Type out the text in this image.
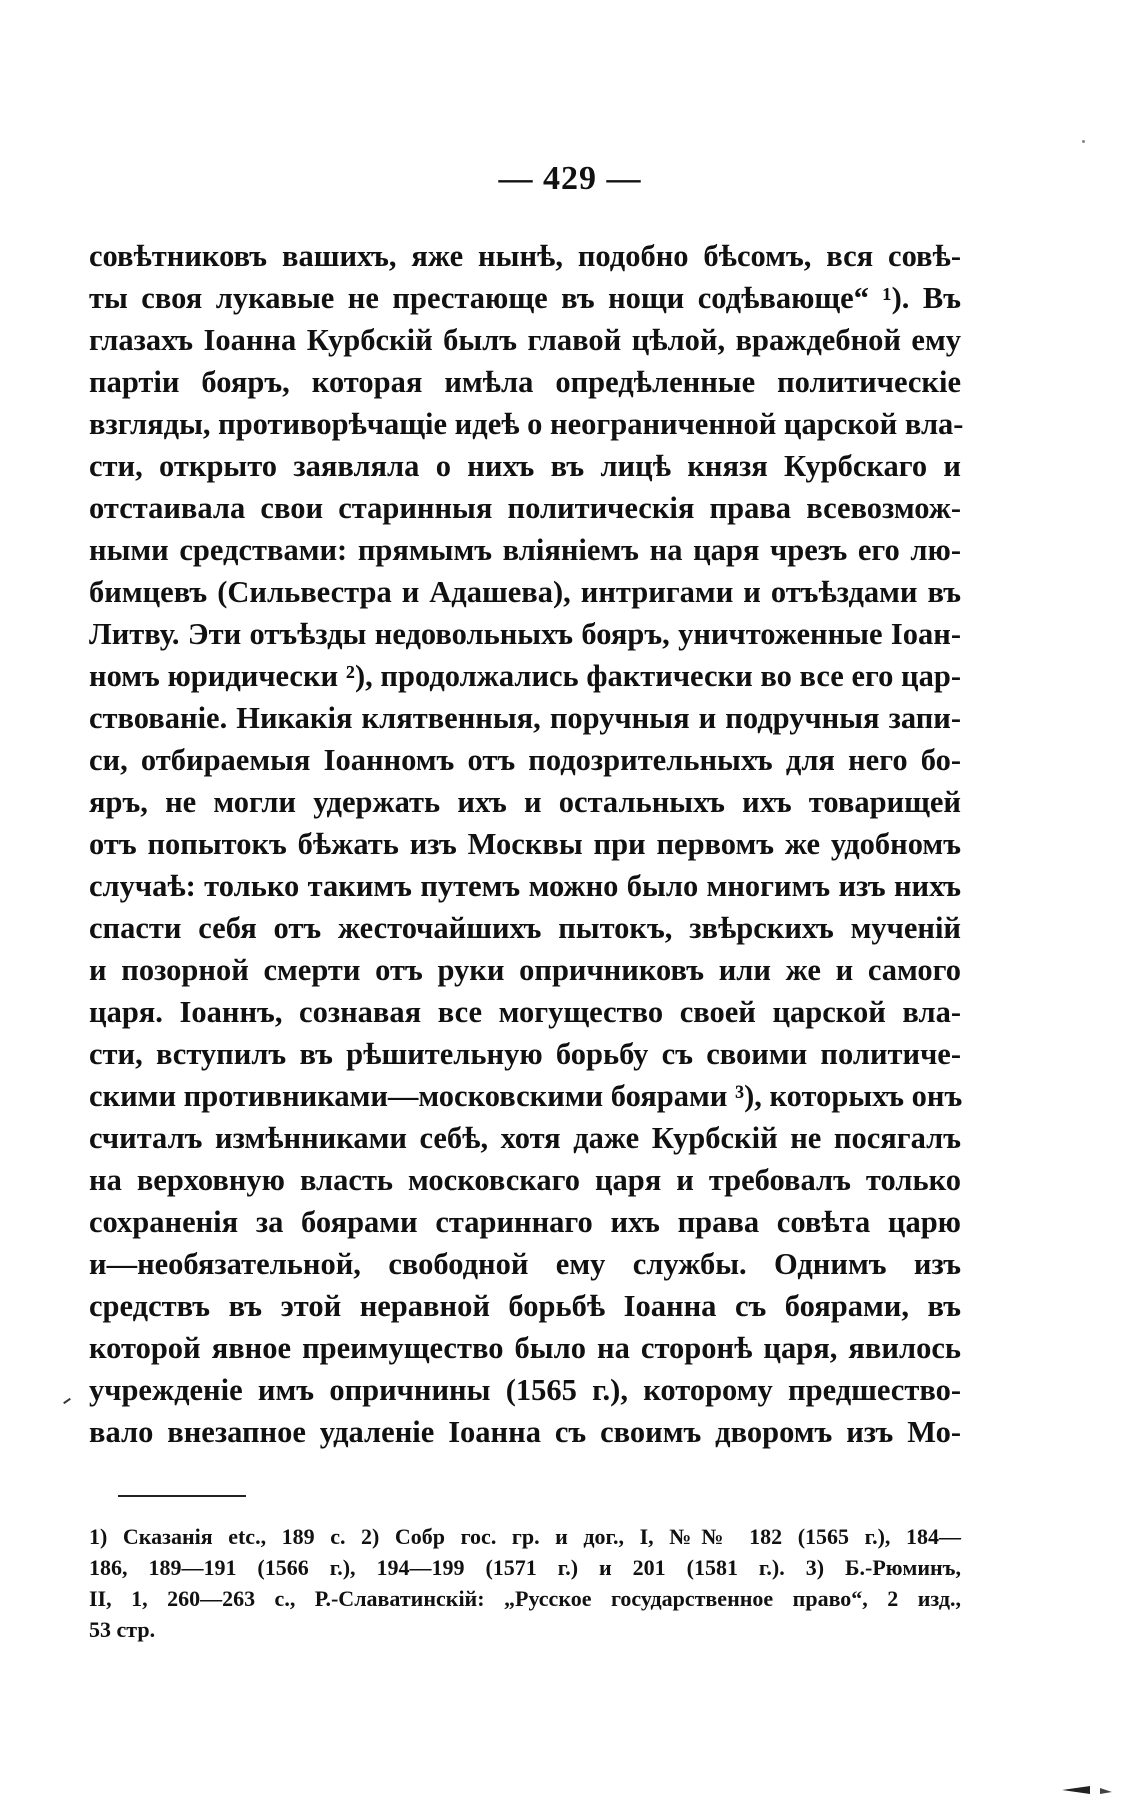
— 429 —
совѣтниковъ вашихъ, яже нынѣ, подобно бѣсомъ, вся совѣ-
ты своя лукавые не престающе въ нощи содѣвающе“ ¹). Въ
глазахъ Іоанна Курбскій былъ главой цѣлой, враждебной ему
партіи бояръ, которая имѣла опредѣленные политическіе
взгляды, противорѣчащіе идеѣ о неограниченной царской вла-
сти, открыто заявляла о нихъ въ лицѣ князя Курбскаго и
отстаивала свои старинныя политическія права всевозмож-
ными средствами: прямымъ вліяніемъ на царя чрезъ его лю-
бимцевъ (Сильвестра и Адашева), интригами и отъѣздами въ
Литву. Эти отъѣзды недовольныхъ бояръ, уничтоженные Іоан-
номъ юридически ²), продолжались фактически во все его цар-
ствованіе. Никакія клятвенныя, поручныя и подручныя запи-
си, отбираемыя Іоанномъ отъ подозрительныхъ для него бо-
яръ, не могли удержать ихъ и остальныхъ ихъ товарищей
отъ попытокъ бѣжать изъ Москвы при первомъ же удобномъ
случаѣ: только такимъ путемъ можно было многимъ изъ нихъ
спасти себя отъ жесточайшихъ пытокъ, звѣрскихъ мученій
и позорной смерти отъ руки опричниковъ или же и самого
царя. Іоаннъ, сознавая все могущество своей царской вла-
сти, вступилъ въ рѣшительную борьбу съ своими политиче-
скими противниками—московскими боярами ³), которыхъ онъ
считалъ измѣнниками себѣ, хотя даже Курбскій не посягалъ
на верховную власть московскаго царя и требовалъ только
сохраненія за боярами стариннаго ихъ права совѣта царю
и—необязательной, свободной ему службы. Однимъ изъ
средствъ въ этой неравной борьбѣ Іоанна съ боярами, въ
которой явное преимущество было на сторонѣ царя, явилось
учрежденіе имъ опричнины (1565 г.), которому предшество-
вало внезапное удаленіе Іоанна съ своимъ дворомъ изъ Мо-
1) Сказанія etc., 189 с. 2) Собр гос. гр. и дог., I, №№ 182 (1565 г.), 184—
186, 189—191 (1566 г.), 194—199 (1571 г.) и 201 (1581 г.). 3) Б.-Рюминъ,
II, 1, 260—263 с., Р.-Славатинскій: „Русское государственное право“, 2 изд.,
53 стр.
